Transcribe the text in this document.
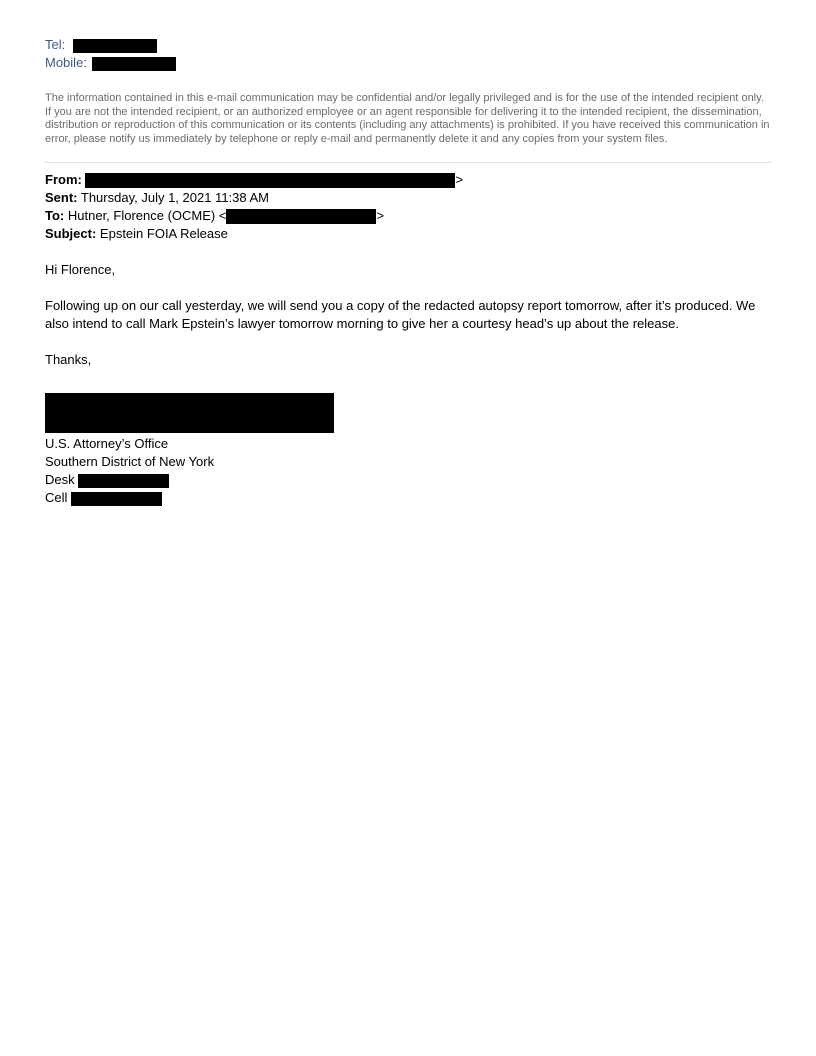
Tel:
Mobile:
The information contained in this e-mail communication may be confidential and/or legally privileged and is for the use of the intended recipient only. If you are not the intended recipient, or an authorized employee or an agent responsible for delivering it to the intended recipient, the dissemination, distribution or reproduction of this communication or its contents (including any attachments) is prohibited. If you have received this communication in error, please notify us immediately by telephone or reply e-mail and permanently delete it and any copies from your system files.
From:	>
Sent: Thursday, July 1, 2021 11:38 AM
To: Hutner, Florence (OCME) <	>
Subject: Epstein FOIA Release
Hi Florence,
Following up on our call yesterday, we will send you a copy of the redacted autopsy report tomorrow, after it’s produced. We also intend to call Mark Epstein’s lawyer tomorrow morning to give her a courtesy head’s up about the release.
Thanks,
U.S. Attorney’s Office
Southern District of New York
Desk
Cell
